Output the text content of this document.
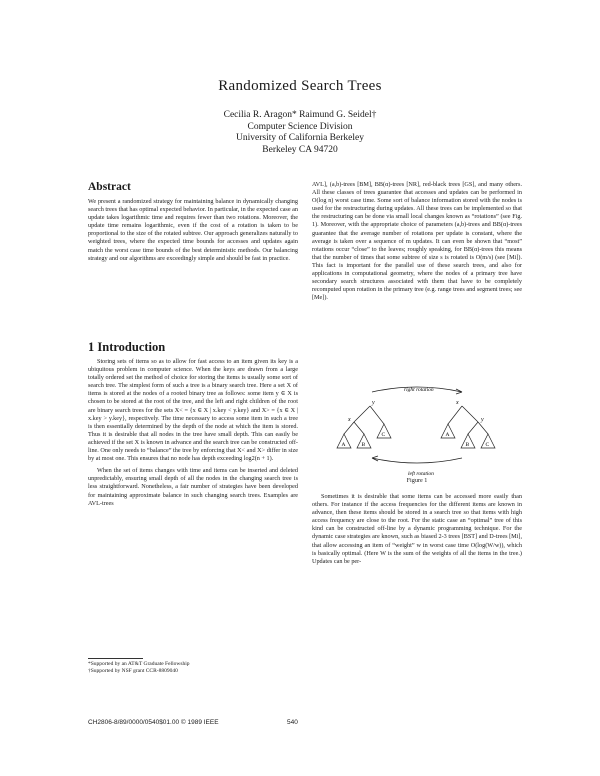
Randomized Search Trees
Cecilia R. Aragon* Raimund G. Seidel†
Computer Science Division
University of California Berkeley
Berkeley CA 94720
Abstract

We present a randomized strategy for maintaining balance in dynamically changing search trees that has optimal expected behavior. In particular, in the expected case an update takes logarithmic time and requires fewer than two rotations. Moreover, the update time remains logarithmic, even if the cost of a rotation is taken to be proportional to the size of the rotated subtree. Our approach generalizes naturally to weighted trees, where the expected time bounds for accesses and updates again match the worst case time bounds of the best deterministic methods. Our balancing strategy and our algorithms are exceedingly simple and should be fast in practice.

1 Introduction

Storing sets of items so as to allow for fast access to an item given its key is a ubiquitous problem in computer science. When the keys are drawn from a large totally ordered set the method of choice for storing the items is usually some sort of search tree. The simplest form of such a tree is a binary search tree. Here a set X of items is stored at the nodes of a rooted binary tree as follows: some item y ∈ X is chosen to be stored at the root of the tree, and the left and right children of the root are binary search trees for the sets X< = {x ∈ X | x.key < y.key} and X> = {x ∈ X | x.key > y.key}, respectively. The time necessary to access some item in such a tree is then essentially determined by the depth of the node at which the item is stored. Thus it is desirable that all nodes in the tree have small depth. This can easily be achieved if the set X is known in advance and the search tree can be constructed off-line. One only needs to “balance” the tree by enforcing that X< and X> differ in size by at most one. This ensures that no node has depth exceeding log2(n + 1).

When the set of items changes with time and items can be inserted and deleted unpredictably, ensuring small depth of all the nodes in the changing search tree is less straightforward. Nonetheless, a fair number of strategies have been developed for maintaining approximate balance in such changing search trees. Examples are AVL-trees

*Supported by an AT&T Graduate Fellowship
†Supported by NSF grant CCR-8809040

AVL], (a,b)-trees [BM], BB(α)-trees [NR], red-black trees [GS], and many others. All these classes of trees guarantee that accesses and updates can be performed in O(log n) worst case time. Some sort of balance information stored with the nodes is used for the restructuring during updates. All these trees can be implemented so that the restructuring can be done via small local changes known as “rotations” (see Fig. 1). Moreover, with the appropriate choice of parameters (a,b)-trees and BB(α)-trees guarantee that the average number of rotations per update is constant, where the average is taken over a sequence of m updates. It can even be shown that “most” rotations occur “close” to the leaves; roughly speaking, for BB(α)-trees this means that the number of times that some subtree of size s is rotated is O(m/s) (see [Mi]). This fact is important for the parallel use of these search trees, and also for applications in computational geometry, where the nodes of a primary tree have secondary search structures associated with them that have to be completely recomputed upon rotation in the primary tree (e.g. range trees and segment trees; see [Me]).

right rotation
y
x
A	B
C
x
y
A
B	C
left rotation
Figure 1

Sometimes it is desirable that some items can be accessed more easily than others. For instance if the access frequencies for the different items are known in advance, then these items should be stored in a search tree so that items with high access frequency are close to the root. For the static case an “optimal” tree of this kind can be constructed off-line by a dynamic programming technique. For the dynamic case strategies are known, such as biased 2-3 trees [BST] and D-trees [Mi], that allow accessing an item of “weight” w in worst case time O(log(W/w)), which is basically optimal. (Here W is the sum of the weights of all the items in the tree.) Updates can be per-

CH2806-8/89/0000/0540$01.00 © 1989 IEEE	540
